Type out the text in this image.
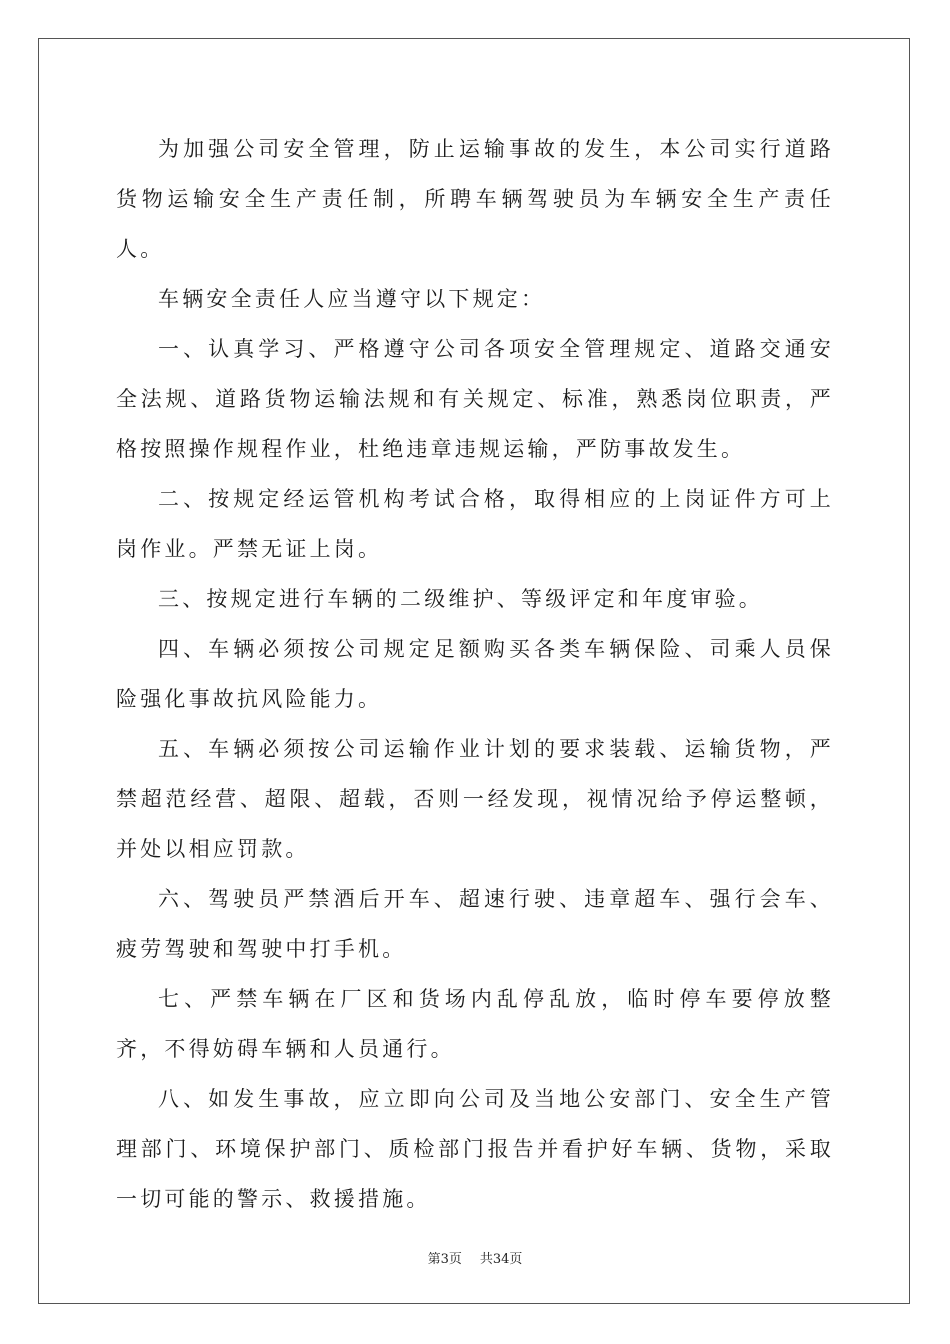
为加强公司安全管理，防止运输事故的发生，本公司实行道路货物运输安全生产责任制，所聘车辆驾驶员为车辆安全生产责任人。

车辆安全责任人应当遵守以下规定：

一、认真学习、严格遵守公司各项安全管理规定、道路交通安全法规、道路货物运输法规和有关规定、标准，熟悉岗位职责，严格按照操作规程作业，杜绝违章违规运输，严防事故发生。

二、按规定经运管机构考试合格，取得相应的上岗证件方可上岗作业。严禁无证上岗。

三、按规定进行车辆的二级维护、等级评定和年度审验。

四、车辆必须按公司规定足额购买各类车辆保险、司乘人员保险强化事故抗风险能力。

五、车辆必须按公司运输作业计划的要求装载、运输货物，严禁超范经营、超限、超载，否则一经发现，视情况给予停运整顿，并处以相应罚款。

六、驾驶员严禁酒后开车、超速行驶、违章超车、强行会车、疲劳驾驶和驾驶中打手机。

七、严禁车辆在厂区和货场内乱停乱放，临时停车要停放整齐，不得妨碍车辆和人员通行。

八、如发生事故，应立即向公司及当地公安部门、安全生产管理部门、环境保护部门、质检部门报告并看护好车辆、货物，采取一切可能的警示、救援措施。

第3页 共34页
